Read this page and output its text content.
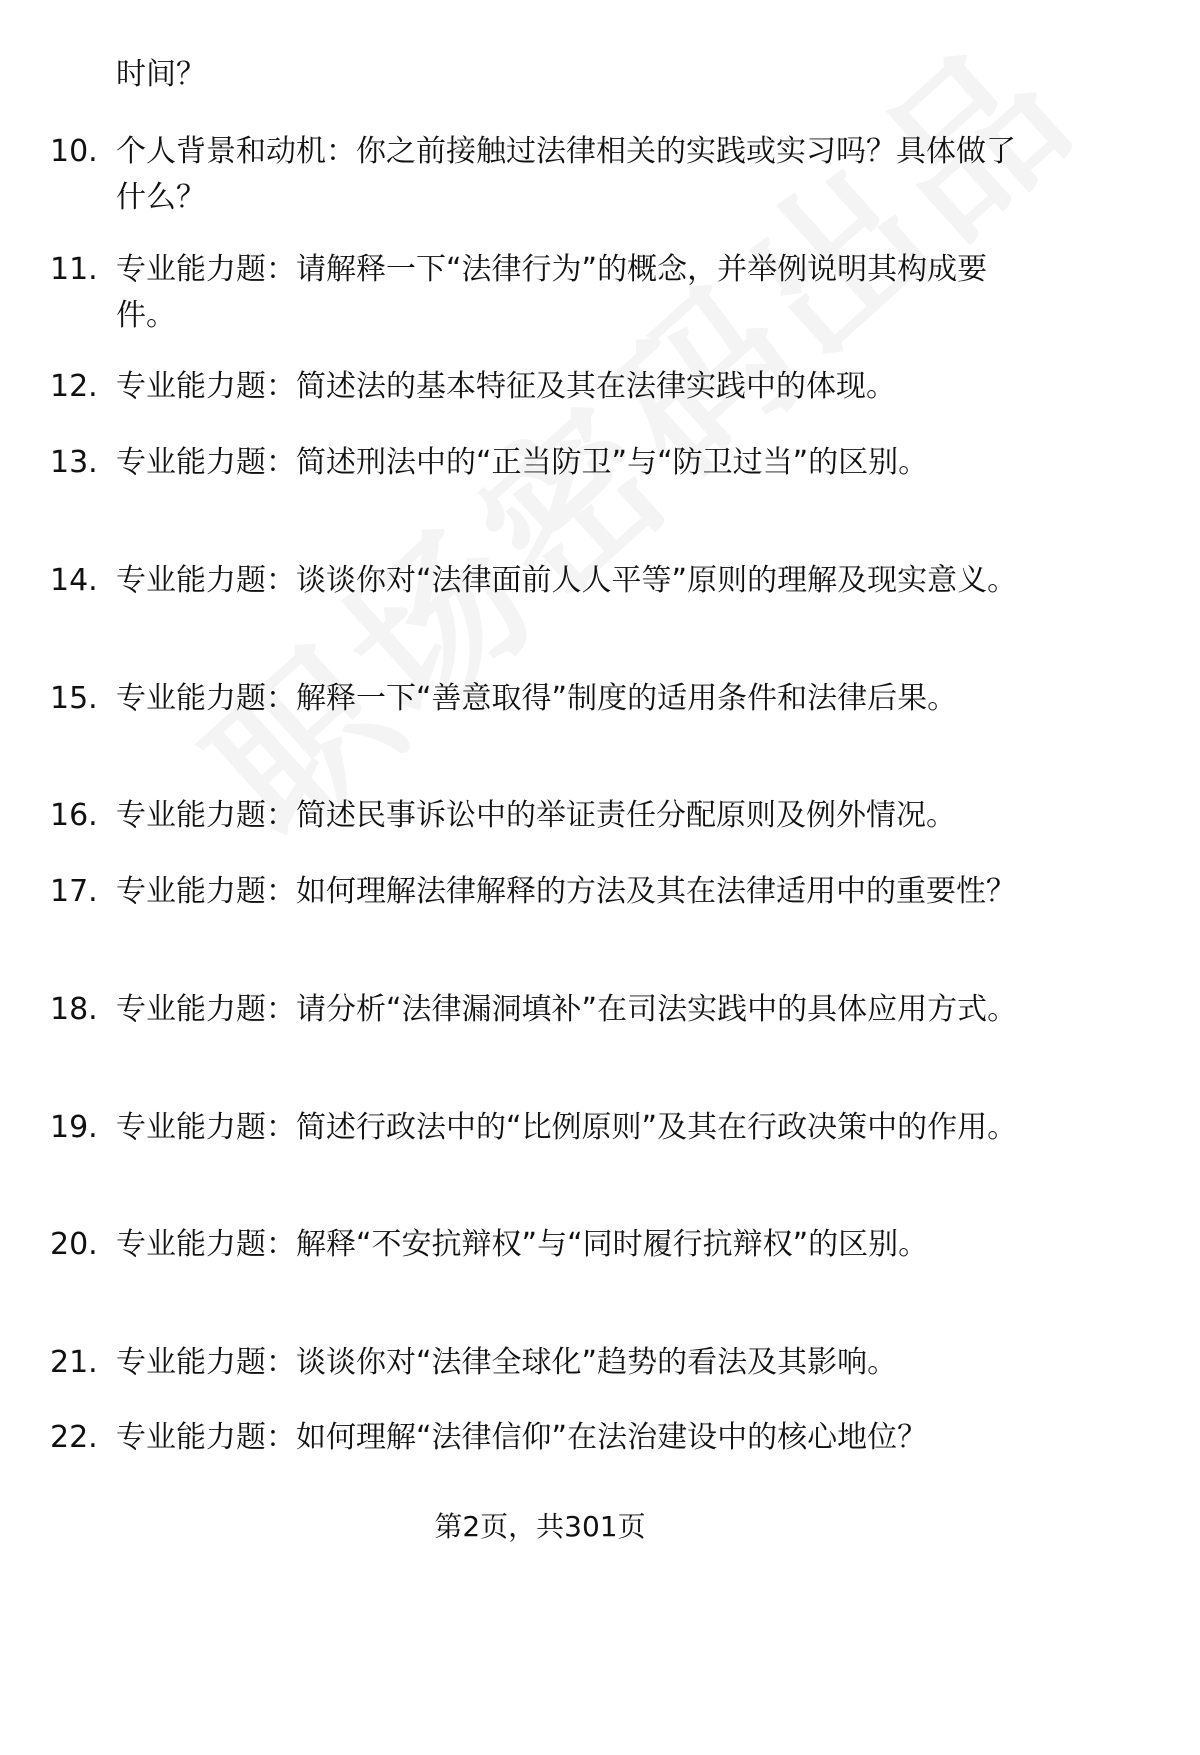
时间？
10. 个人背景和动机：你之前接触过法律相关的实践或实习吗？具体做了什么？
11. 专业能力题：请解释一下“法律行为”的概念，并举例说明其构成要件。
12. 专业能力题：简述法的基本特征及其在法律实践中的体现。
13. 专业能力题：简述刑法中的“正当防卫”与“防卫过当”的区别。
14. 专业能力题：谈谈你对“法律面前人人平等”原则的理解及现实意义。
15. 专业能力题：解释一下“善意取得”制度的适用条件和法律后果。
16. 专业能力题：简述民事诉讼中的举证责任分配原则及例外情况。
17. 专业能力题：如何理解法律解释的方法及其在法律适用中的重要性？
18. 专业能力题：请分析“法律漏洞填补”在司法实践中的具体应用方式。
19. 专业能力题：简述行政法中的“比例原则”及其在行政决策中的作用。
20. 专业能力题：解释“不安抗辩权”与“同时履行抗辩权”的区别。
21. 专业能力题：谈谈你对“法律全球化”趋势的看法及其影响。
22. 专业能力题：如何理解“法律信仰”在法治建设中的核心地位？
第2页，共301页
